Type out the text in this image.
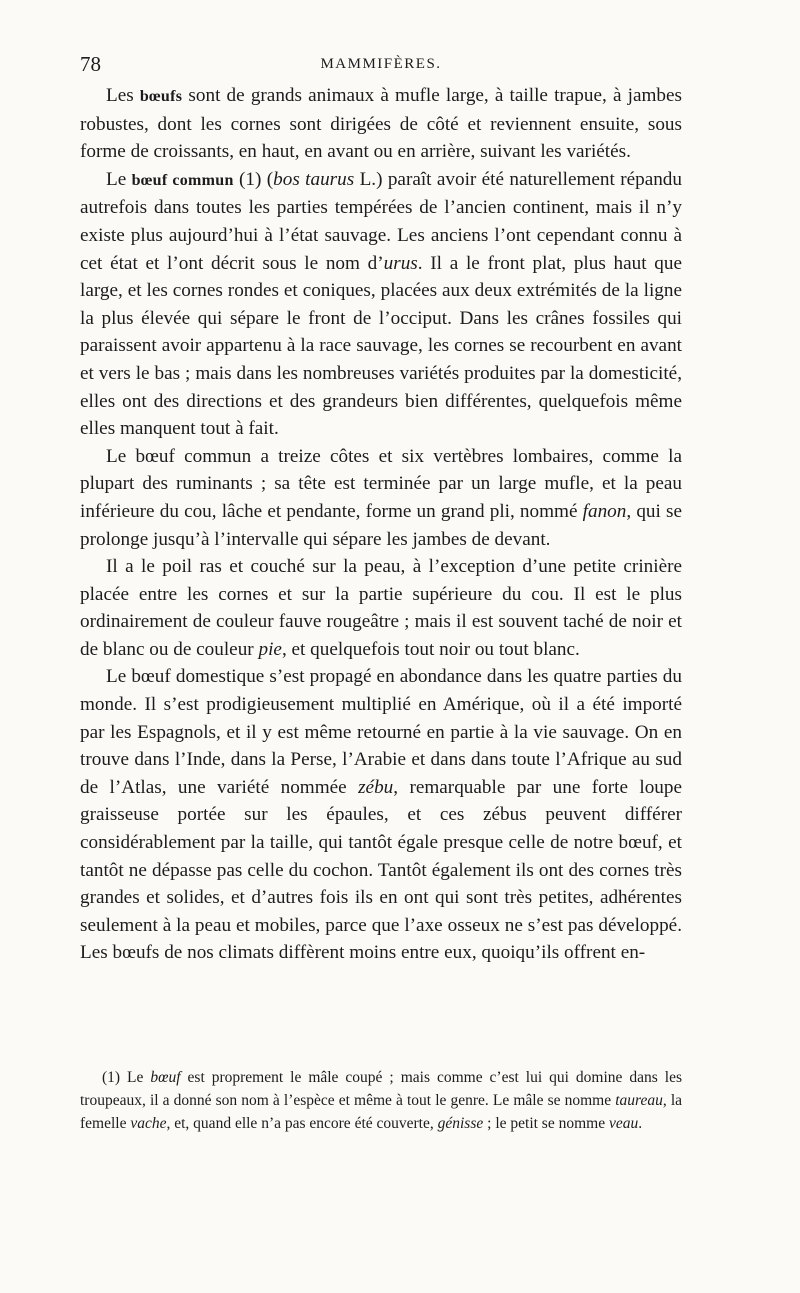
78	MAMMIFÈRES.

Les bœufs sont de grands animaux à mufle large, à taille trapue, à jambes robustes, dont les cornes sont dirigées de côté et reviennent ensuite, sous forme de croissants, en haut, en avant ou en arrière, suivant les variétés.

Le bœuf commun (1) (bos taurus L.) paraît avoir été naturellement répandu autrefois dans toutes les parties tempérées de l’ancien continent, mais il n’y existe plus aujourd’hui à l’état sauvage. Les anciens l’ont cependant connu à cet état et l’ont décrit sous le nom d’urus. Il a le front plat, plus haut que large, et les cornes rondes et coniques, placées aux deux extrémités de la ligne la plus élevée qui sépare le front de l’occiput. Dans les crânes fossiles qui paraissent avoir appartenu à la race sauvage, les cornes se recourbent en avant et vers le bas ; mais dans les nombreuses variétés produites par la domesticité, elles ont des directions et des grandeurs bien différentes, quelquefois même elles manquent tout à fait.

Le bœuf commun a treize côtes et six vertèbres lombaires, comme la plupart des ruminants ; sa tête est terminée par un large mufle, et la peau inférieure du cou, lâche et pendante, forme un grand pli, nommé fanon, qui se prolonge jusqu’à l’intervalle qui sépare les jambes de devant.

Il a le poil ras et couché sur la peau, à l’exception d’une petite crinière placée entre les cornes et sur la partie supérieure du cou. Il est le plus ordinairement de couleur fauve rougeâtre ; mais il est souvent taché de noir et de blanc ou de couleur pie, et quelquefois tout noir ou tout blanc.

Le bœuf domestique s’est propagé en abondance dans les quatre parties du monde. Il s’est prodigieusement multiplié en Amérique, où il a été importé par les Espagnols, et il y est même retourné en partie à la vie sauvage. On en trouve dans l’Inde, dans la Perse, l’Arabie et dans dans toute l’Afrique au sud de l’Atlas, une variété nommée zébu, remarquable par une forte loupe graisseuse portée sur les épaules, et ces zébus peuvent différer considérablement par la taille, qui tantôt égale presque celle de notre bœuf, et tantôt ne dépasse pas celle du cochon. Tantôt également ils ont des cornes très grandes et solides, et d’autres fois ils en ont qui sont très petites, adhérentes seulement à la peau et mobiles, parce que l’axe osseux ne s’est pas développé. Les bœufs de nos climats diffèrent moins entre eux, quoiqu’ils offrent en-

(1) Le bœuf est proprement le mâle coupé ; mais comme c’est lui qui domine dans les troupeaux, il a donné son nom à l’espèce et même à tout le genre. Le mâle se nomme taureau, la femelle vache, et, quand elle n’a pas encore été couverte, génisse ; le petit se nomme veau.
